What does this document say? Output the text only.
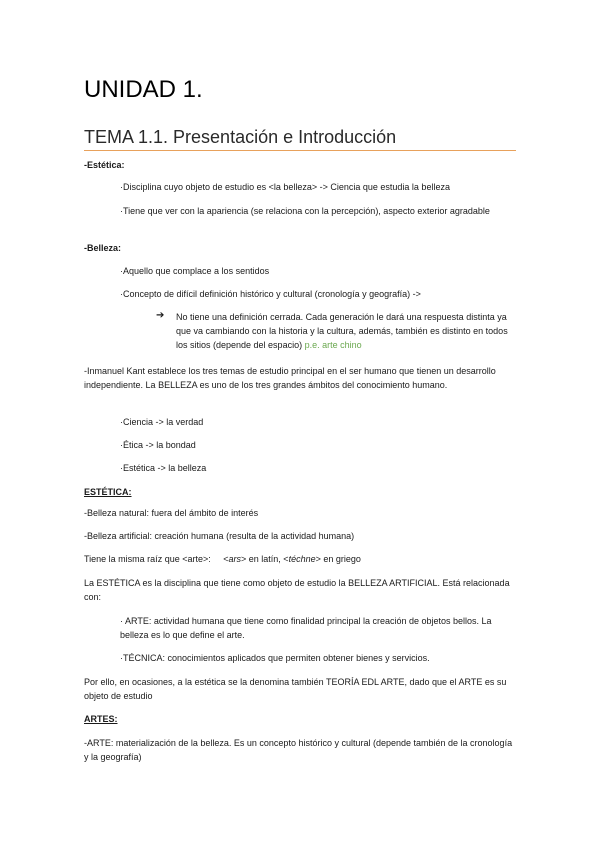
UNIDAD 1.
TEMA 1.1. Presentación e Introducción
-Estética:
·Disciplina cuyo objeto de estudio es <la belleza> -> Ciencia que estudia la belleza
·Tiene que ver con la apariencia (se relaciona con la percepción), aspecto exterior agradable
-Belleza:
·Aquello que complace a los sentidos
·Concepto de difícil definición histórico y cultural (cronología y geografía) ->
➔ No tiene una definición cerrada. Cada generación le dará una respuesta distinta ya que va cambiando con la historia y la cultura, además, también es distinto en todos los sitios (depende del espacio) p.e. arte chino
-Inmanuel Kant establece los tres temas de estudio principal en el ser humano que tienen un desarrollo independiente. La BELLEZA es uno de los tres grandes ámbitos del conocimiento humano.
·Ciencia -> la verdad
·Ética -> la bondad
·Estética -> la belleza
ESTÉTICA:
-Belleza natural: fuera del ámbito de interés
-Belleza artificial: creación humana (resulta de la actividad humana)
Tiene la misma raíz que <arte>: <ars> en latín, <téchne> en griego
La ESTÉTICA es la disciplina que tiene como objeto de estudio la BELLEZA ARTIFICIAL. Está relacionada con:
· ARTE: actividad humana que tiene como finalidad principal la creación de objetos bellos. La belleza es lo que define el arte.
·TÉCNICA: conocimientos aplicados que permiten obtener bienes y servicios.
Por ello, en ocasiones, a la estética se la denomina también TEORÍA EDL ARTE, dado que el ARTE es su objeto de estudio
ARTES:
-ARTE: materialización de la belleza. Es un concepto histórico y cultural (depende también de la cronología y la geografía)
